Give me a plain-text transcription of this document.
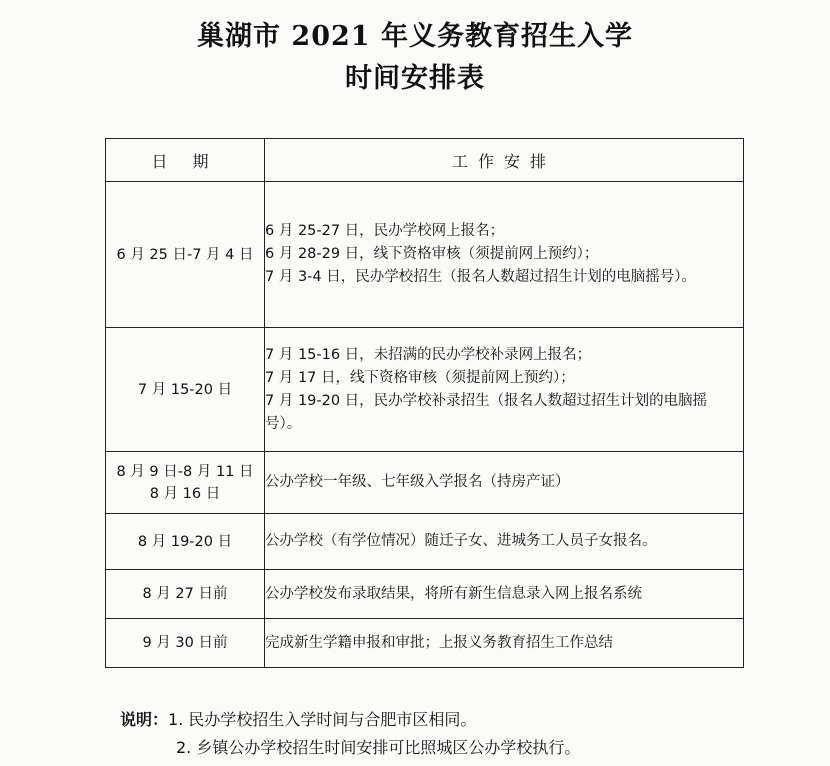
巢湖市 2021 年义务教育招生入学
时间安排表
日 期	工作安排

6 月 25 日-7 月 4 日	6 月 25-27 日，民办学校网上报名；
6 月 28-29 日，线下资格审核（须提前网上预约）；
7 月 3-4 日，民办学校招生（报名人数超过招生计划的电脑摇号）。

7 月 15-20 日	7 月 15-16 日，未招满的民办学校补录网上报名；
7 月 17 日，线下资格审核（须提前网上预约）；
7 月 19-20 日，民办学校补录招生（报名人数超过招生计划的电脑摇号）。

8 月 9 日-8 月 11 日
8 月 16 日	公办学校一年级、七年级入学报名（持房产证）

8 月 19-20 日	公办学校（有学位情况）随迁子女、进城务工人员子女报名。

8 月 27 日前	公办学校发布录取结果，将所有新生信息录入网上报名系统

9 月 30 日前	完成新生学籍申报和审批；上报义务教育招生工作总结
说明：1. 民办学校招生入学时间与合肥市区相同。
2. 乡镇公办学校招生时间安排可比照城区公办学校执行。
